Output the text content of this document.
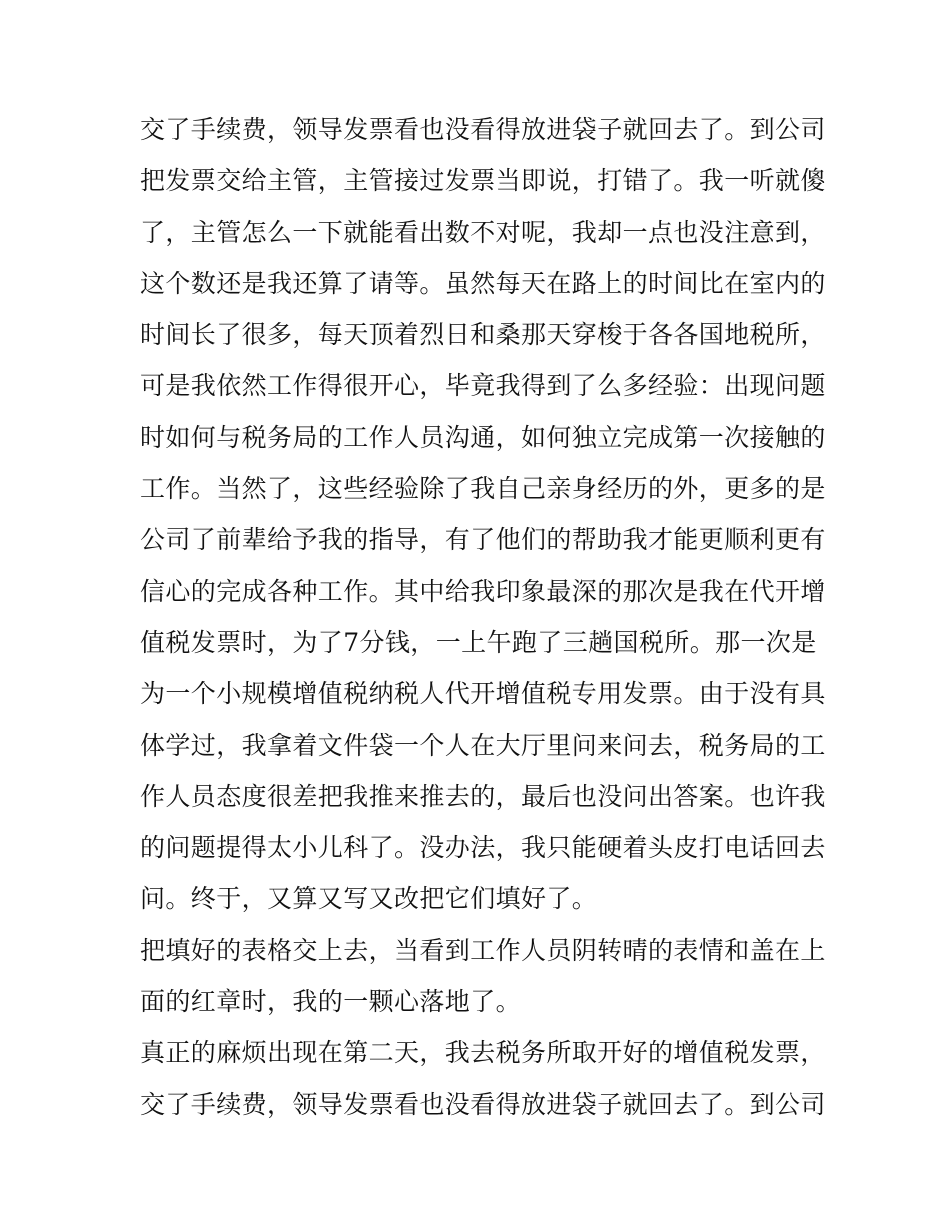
交了手续费，领导发票看也没看得放进袋子就回去了。到公司
把发票交给主管，主管接过发票当即说，打错了。我一听就傻
了，主管怎么一下就能看出数不对呢，我却一点也没注意到，
这个数还是我还算了请等。虽然每天在路上的时间比在室内的
时间长了很多，每天顶着烈日和桑那天穿梭于各各国地税所，
可是我依然工作得很开心，毕竟我得到了么多经验：出现问题
时如何与税务局的工作人员沟通，如何独立完成第一次接触的
工作。当然了，这些经验除了我自己亲身经历的外，更多的是
公司了前辈给予我的指导，有了他们的帮助我才能更顺利更有
信心的完成各种工作。其中给我印象最深的那次是我在代开增
值税发票时，为了7分钱，一上午跑了三趟国税所。那一次是
为一个小规模增值税纳税人代开增值税专用发票。由于没有具
体学过，我拿着文件袋一个人在大厅里问来问去，税务局的工
作人员态度很差把我推来推去的，最后也没问出答案。也许我
的问题提得太小儿科了。没办法，我只能硬着头皮打电话回去
问。终于，又算又写又改把它们填好了。
把填好的表格交上去，当看到工作人员阴转晴的表情和盖在上
面的红章时，我的一颗心落地了。
真正的麻烦出现在第二天，我去税务所取开好的增值税发票，
交了手续费，领导发票看也没看得放进袋子就回去了。到公司
